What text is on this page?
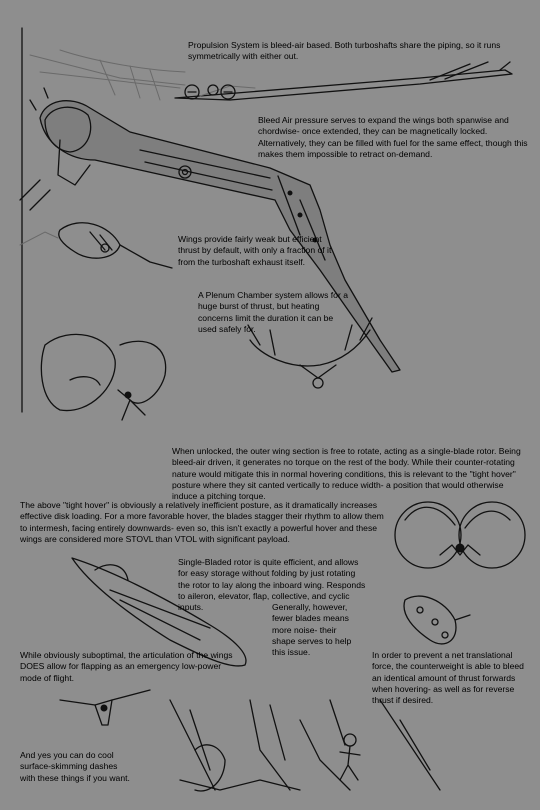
Propulsion System is bleed-air based. Both turboshafts share the piping, so it runs symmetrically with either out.

Bleed Air pressure serves to expand the wings both spanwise and chordwise- once extended, they can be magnetically locked. Alternatively, they can be filled with fuel for the same effect, though this makes them impossible to retract on-demand.

Wings provide fairly weak but efficient thrust by default, with only a fraction of it from the turboshaft exhaust itself.

A Plenum Chamber system allows for a huge burst of thrust, but heating concerns limit the duration it can be used safely for.

When unlocked, the outer wing section is free to rotate, acting as a single-blade rotor. Being bleed-air driven, it generates no torque on the rest of the body. While their counter-rotating nature would mitigate this in normal hovering conditions, this is relevant to the "tight hover" posture where they sit canted vertically to reduce width- a position that would otherwise induce a pitching torque.

The above "tight hover" is obviously a relatively inefficient posture, as it dramatically increases effective disk loading. For a more favorable hover, the blades stagger their rhythm to allow them to intermesh, facing entirely downwards- even so, this isn't exactly a powerful hover and these wings are considered more STOVL than VTOL with significant payload.

Single-Bladed rotor is quite efficient, and allows for easy storage without folding by just rotating the rotor to lay along the inboard wing. Responds to aileron, elevator, flap, collective, and cyclic inputs.	Generally, however, fewer blades means more noise- their shape serves to help this issue.

While obviously suboptimal, the articulation of the wings DOES allow for flapping as an emergency low-power mode of flight.

In order to prevent a net translational force, the counterweight is able to bleed an identical amount of thrust forwards when hovering- as well as for reverse thrust if desired.

And yes you can do cool surface-skimming dashes with these things if you want.
